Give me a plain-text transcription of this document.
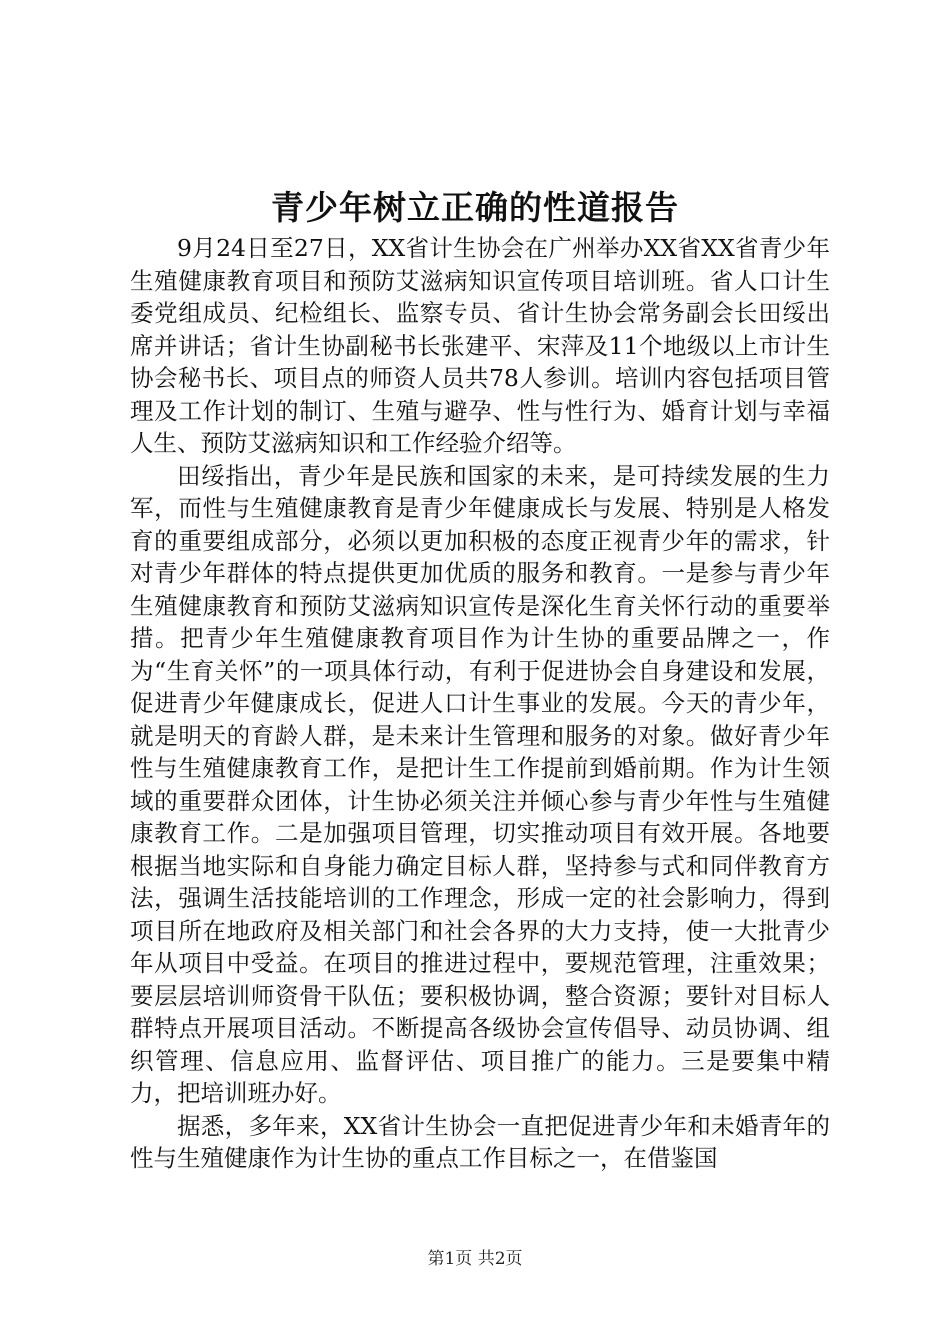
青少年树立正确的性道报告

9月24日至27日，XX省计生协会在广州举办XX省XX省青少年生殖健康教育项目和预防艾滋病知识宣传项目培训班。省人口计生委党组成员、纪检组长、监察专员、省计生协会常务副会长田绥出席并讲话；省计生协副秘书长张建平、宋萍及11个地级以上市计生协会秘书长、项目点的师资人员共78人参训。培训内容包括项目管理及工作计划的制订、生殖与避孕、性与性行为、婚育计划与幸福人生、预防艾滋病知识和工作经验介绍等。

田绥指出，青少年是民族和国家的未来，是可持续发展的生力军，而性与生殖健康教育是青少年健康成长与发展、特别是人格发育的重要组成部分，必须以更加积极的态度正视青少年的需求，针对青少年群体的特点提供更加优质的服务和教育。一是参与青少年生殖健康教育和预防艾滋病知识宣传是深化生育关怀行动的重要举措。把青少年生殖健康教育项目作为计生协的重要品牌之一，作为“生育关怀”的一项具体行动，有利于促进协会自身建设和发展，促进青少年健康成长，促进人口计生事业的发展。今天的青少年，就是明天的育龄人群，是未来计生管理和服务的对象。做好青少年性与生殖健康教育工作，是把计生工作提前到婚前期。作为计生领域的重要群众团体，计生协必须关注并倾心参与青少年性与生殖健康教育工作。二是加强项目管理，切实推动项目有效开展。各地要根据当地实际和自身能力确定目标人群，坚持参与式和同伴教育方法，强调生活技能培训的工作理念，形成一定的社会影响力，得到项目所在地政府及相关部门和社会各界的大力支持，使一大批青少年从项目中受益。在项目的推进过程中，要规范管理，注重效果；要层层培训师资骨干队伍；要积极协调，整合资源；要针对目标人群特点开展项目活动。不断提高各级协会宣传倡导、动员协调、组织管理、信息应用、监督评估、项目推广的能力。三是要集中精力，把培训班办好。

据悉，多年来，XX省计生协会一直把促进青少年和未婚青年的性与生殖健康作为计生协的重点工作目标之一，在借鉴国

第1页 共2页
